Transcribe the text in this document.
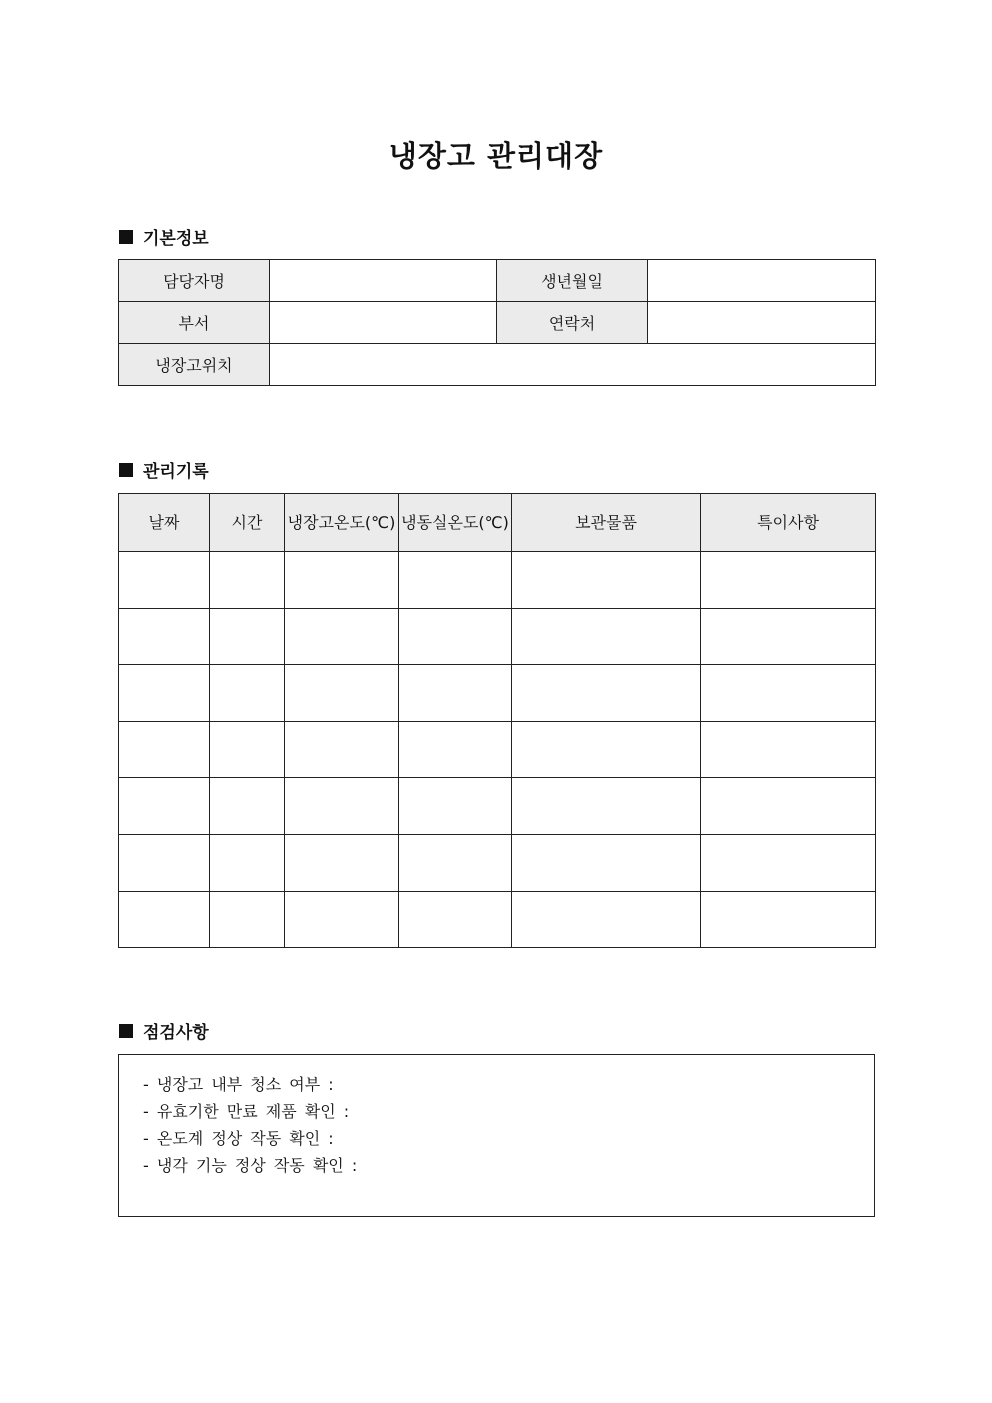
냉장고 관리대장
기본정보
담당자명		생년월일	
부서		연락처	
냉장고위치			
관리기록
날짜	시간	냉장고온도(℃)	냉동실온도(℃)	보관물품	특이사항

점검사항
- 냉장고 내부 청소 여부 :
- 유효기한 만료 제품 확인 :
- 온도계 정상 작동 확인 :
- 냉각 기능 정상 작동 확인 :
